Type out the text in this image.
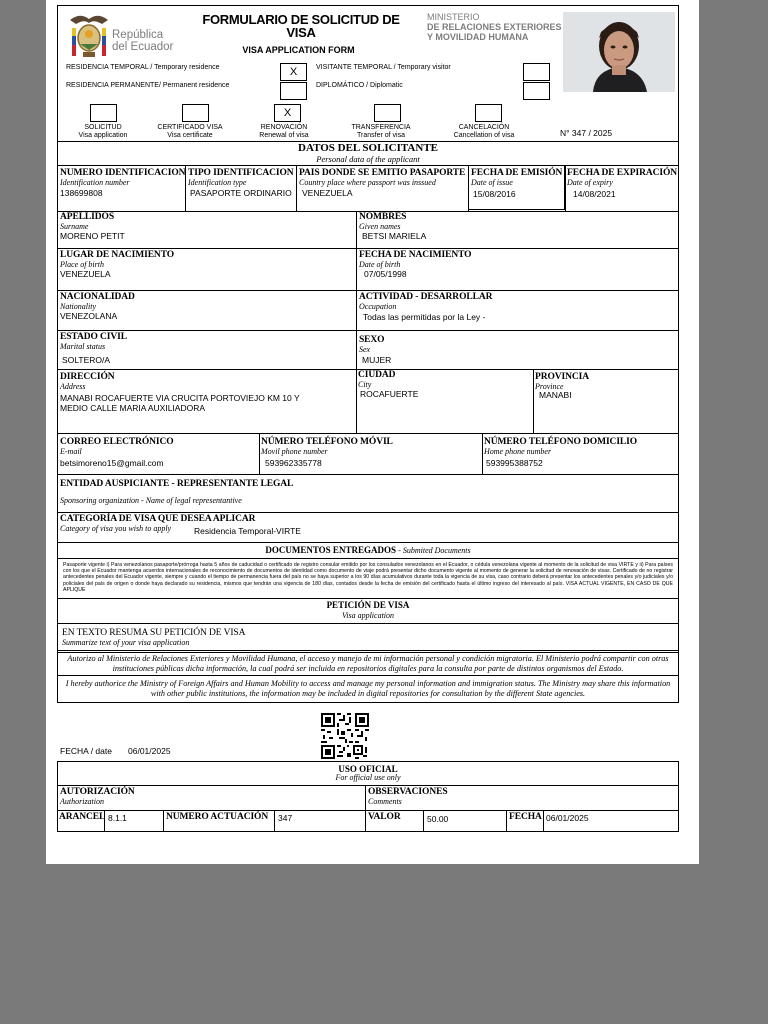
República
del Ecuador
FORMULARIO DE SOLICITUD DE
VISA
VISA APPLICATION FORM
MINISTERIO
DE RELACIONES EXTERIORES
Y MOVILIDAD HUMANA
RESIDENCIA TEMPORAL / Temporary residence	X
RESIDENCIA PERMANENTE/ Permanent residence
VISITANTE TEMPORAL / Temporary visitor
DIPLOMÁTICO / Diplomatic
SOLICITUD
Visa application
CERTIFICADO VISA
Visa certificate
X
RENOVACIÓN
Renewal of visa
TRANSFERENCIA
Transfer of visa
CANCELACIÓN
Cancellation of visa	N° 347 / 2025
DATOS DEL SOLICITANTE
Personal data of the applicant
NUMERO IDENTIFICACION
Identification number
138699808
TIPO IDENTIFICACION
Identification type
PASAPORTE ORDINARIO
PAIS DONDE SE EMITIO PASAPORTE
Country place where passport was inssued
VENEZUELA
FECHA DE EMISIÓN
Date of issue
15/08/2016
FECHA DE EXPIRACIÓN
Date of expiry
14/08/2021
APELLIDOS
Surname
MORENO PETIT
NOMBRES
Given names
BETSI MARIELA
LUGAR DE NACIMIENTO
Place of birth
VENEZUELA
FECHA DE NACIMIENTO
Date of birth
07/05/1998
NACIONALIDAD
Nationality
VENEZOLANA
ACTIVIDAD - DESARROLLAR
Occupation
Todas las permitidas por la Ley -
ESTADO CIVIL
Marital status
SOLTERO/A
SEXO
Sex
MUJER
DIRECCIÓN
Address
MANABI ROCAFUERTE VIA CRUCITA PORTOVIEJO KM 10 Y
MEDIO CALLE MARIA AUXILIADORA
CIUDAD
City
ROCAFUERTE
PROVINCIA
Province
MANABI
CORREO ELECTRÓNICO
E-mail
betsimoreno15@gmail.com
NÚMERO TELÉFONO MÓVIL
Movil phone number
593962335778
NÚMERO TELÉFONO DOMICILIO
Home phone number
593995388752
ENTIDAD AUSPICIANTE - REPRESENTANTE LEGAL
Sponsoring organization - Name of legal representantive
CATEGORÍA DE VISA QUE DESEA APLICAR
Category of visa you wish to apply	Residencia Temporal-VIRTE
DOCUMENTOS ENTREGADOS - Submited Documents
Pasaporte vigente i) Para venezolanos pasaporte/prórroga hasta 5 años de caducidad o certificado de registro consular emitido por los consulados venezolanos en el Ecuador, o cédula venezolana vigente al momento de la solicitud de visa VIRTE y ii) Para países con los que el Ecuador mantenga acuerdos internacionales de reconocimiento de documentos de identidad como documento de viaje podrá presentar dicho documento vigente al momento de generar la solicitud de renovación de visas. Certificado de no registrar antecedentes penales del Ecuador vigente, siempre y cuando el tiempo de permanencia fuera del país no se haya superior a los 90 días acumulativos durante toda la vigencia de su visa, caso contrario deberá presentar los antecedentes penales y/o judiciales y/o policiales del país de origen o donde haya declarado su residencia, mismos que tendrán una vigencia de 180 días, contados desde la fecha de emisión del certificado hasta el último ingreso del interesado al país. VISA ACTUAL VIGENTE, EN CASO DE QUE APLIQUE
PETICIÓN DE VISA
Visa application
EN TEXTO RESUMA SU PETICIÓN DE VISA
Summarize text of your visa application
Autorizo al Ministerio de Relaciones Exteriores y Movilidad Humana, el acceso y manejo de mi información personal y condición migratoria. El Ministerio podrá compartir con otras instituciones públicas dicha información, la cual podrá ser incluida en repositorios digitales para la consulta por parte de distintos organismos del Estado.
I hereby authorice the Ministry of Foreign Affairs and Human Mobility to access and manage my personal information and immigration status. The Ministry may share this information with other public institutions, the information may be included in digital repositories for consultation by the different State agencies.
FECHA / date 06/01/2025
USO OFICIAL
For official use only
AUTORIZACIÓN
Authorization
OBSERVACIONES
Comments
ARANCEL 8.1.1	NUMERO ACTUACIÓN 347	VALOR	50.00	FECHA 06/01/2025
